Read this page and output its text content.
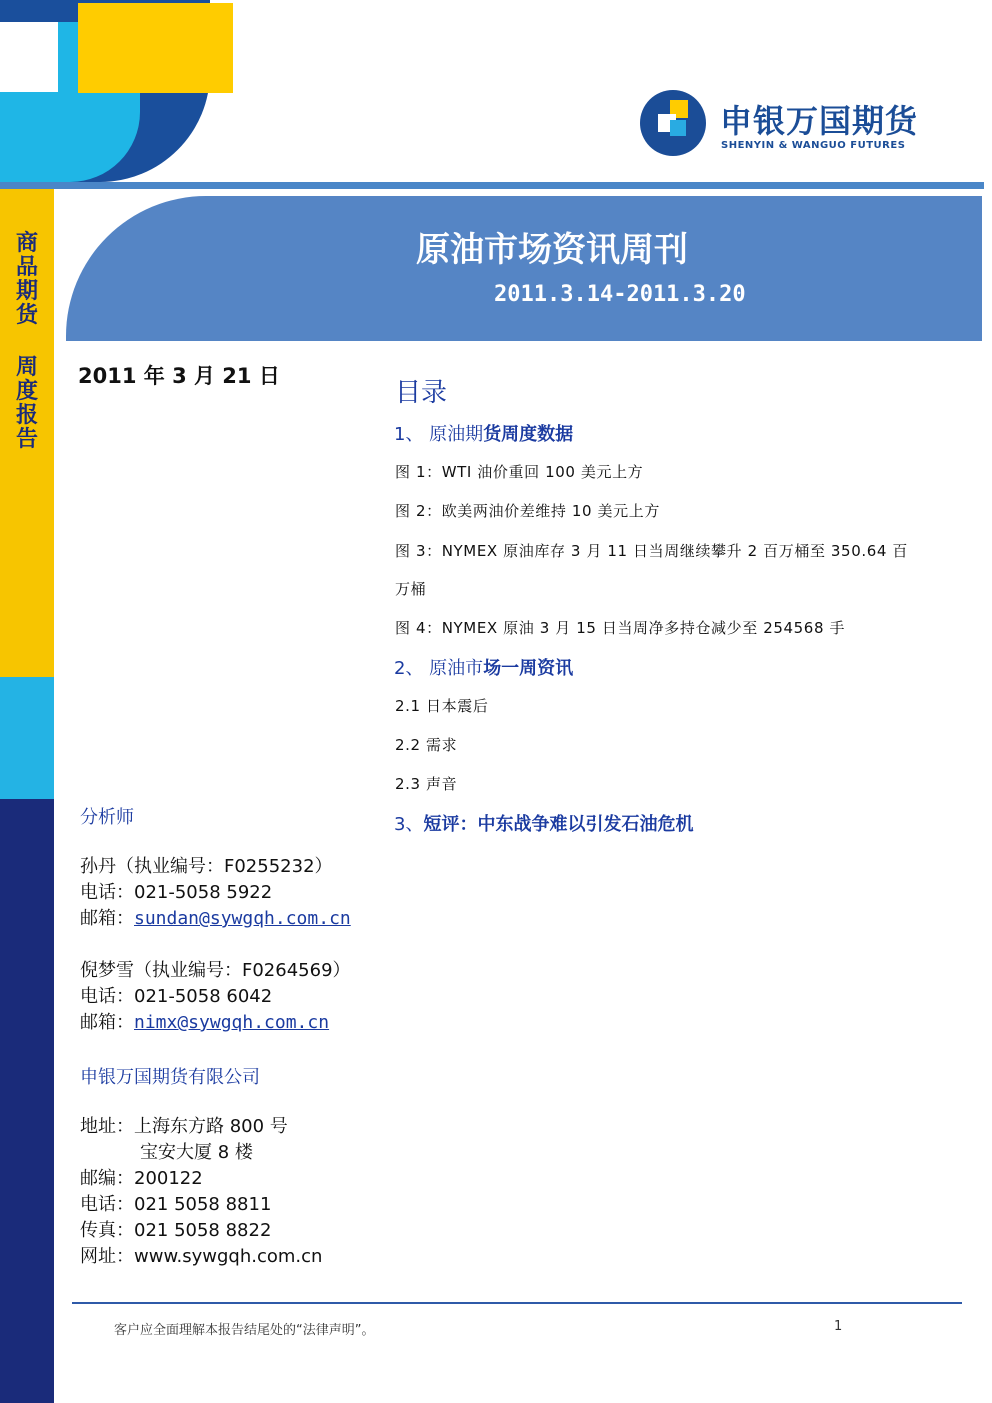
申银万国期货
SHENYIN & WANGUO FUTURES
商品期货
周度报告
原油市场资讯周刊
2011.3.14-2011.3.20
2011 年 3 月 21 日
分析师
孙丹（执业编号：F0255232）
电话：021-5058 5922
邮箱：sundan@sywgqh.com.cn
倪梦雪（执业编号：F0264569）
电话：021-5058 6042
邮箱：nimx@sywgqh.com.cn
申银万国期货有限公司
地址：上海东方路 800 号
宝安大厦 8 楼
邮编：200122
电话：021 5058 8811
传真：021 5058 8822
网址：www.sywgqh.com.cn
目录
1、 原油期货周度数据
图 1：WTI 油价重回 100 美元上方
图 2：欧美两油价差维持 10 美元上方
图 3：NYMEX 原油库存 3 月 11 日当周继续攀升 2 百万桶至 350.64 百
万桶
图 4：NYMEX 原油 3 月 15 日当周净多持仓减少至 254568 手
2、 原油市场一周资讯
2.1 日本震后
2.2 需求
2.3 声音
3、短评：中东战争难以引发石油危机
客户应全面理解本报告结尾处的“法律声明”。	1
